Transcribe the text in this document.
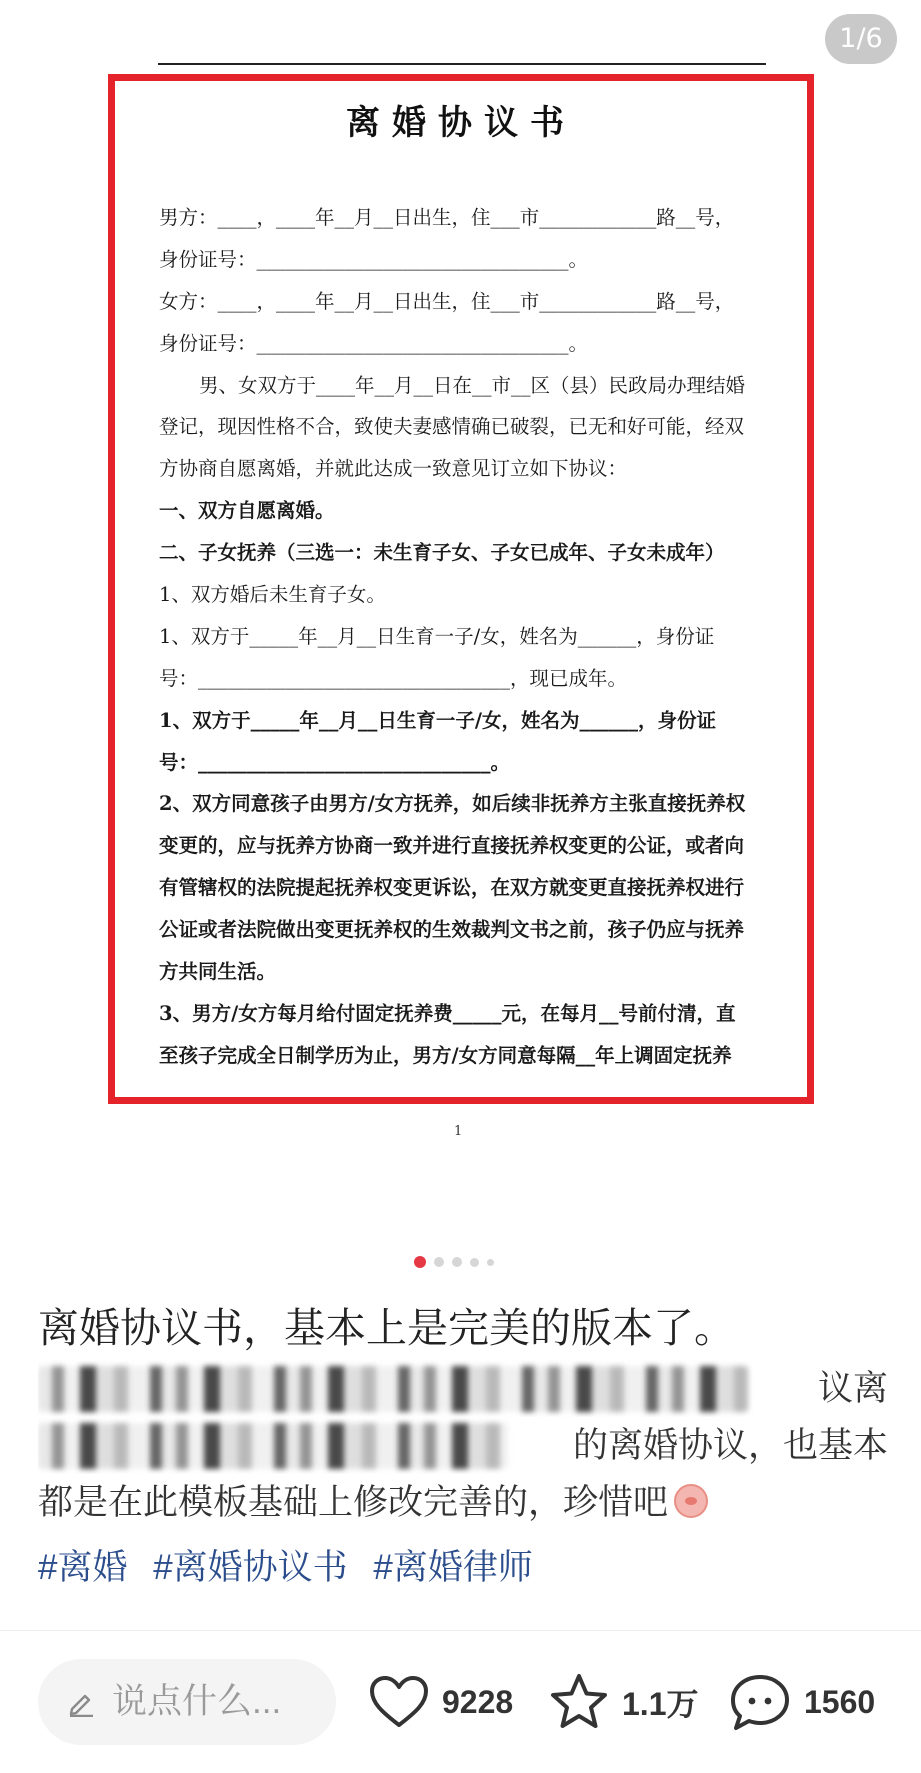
1/6
离婚协议书
男方：____，____年__月__日出生，住___市____________路__号，
身份证号：________________________________。
女方：____，____年__月__日出生，住___市____________路__号，
身份证号：________________________________。
男、女双方于____年__月__日在__市__区（县）民政局办理结婚
登记，现因性格不合，致使夫妻感情确已破裂，已无和好可能，经双
方协商自愿离婚，并就此达成一致意见订立如下协议：
一、双方自愿离婚。
二、子女抚养（三选一：未生育子女、子女已成年、子女未成年）
1、双方婚后未生育子女。
1、双方于_____年__月__日生育一子/女，姓名为______，身份证
号：________________________________，现已成年。
1、双方于_____年__月__日生育一子/女，姓名为______，身份证
号：______________________________。
2、双方同意孩子由男方/女方抚养，如后续非抚养方主张直接抚养权
变更的，应与抚养方协商一致并进行直接抚养权变更的公证，或者向
有管辖权的法院提起抚养权变更诉讼，在双方就变更直接抚养权进行
公证或者法院做出变更抚养权的生效裁判文书之前，孩子仍应与抚养
方共同生活。
3、男方/女方每月给付固定抚养费_____元，在每月__号前付清，直
至孩子完成全日制学历为止，男方/女方同意每隔__年上调固定抚养
1
离婚协议书，基本上是完美的版本了。
议离
的离婚协议，也基本
都是在此模板基础上修改完善的，珍惜吧
#离婚 #离婚协议书 #离婚律师
说点什么...
9228	1.1万	1560
